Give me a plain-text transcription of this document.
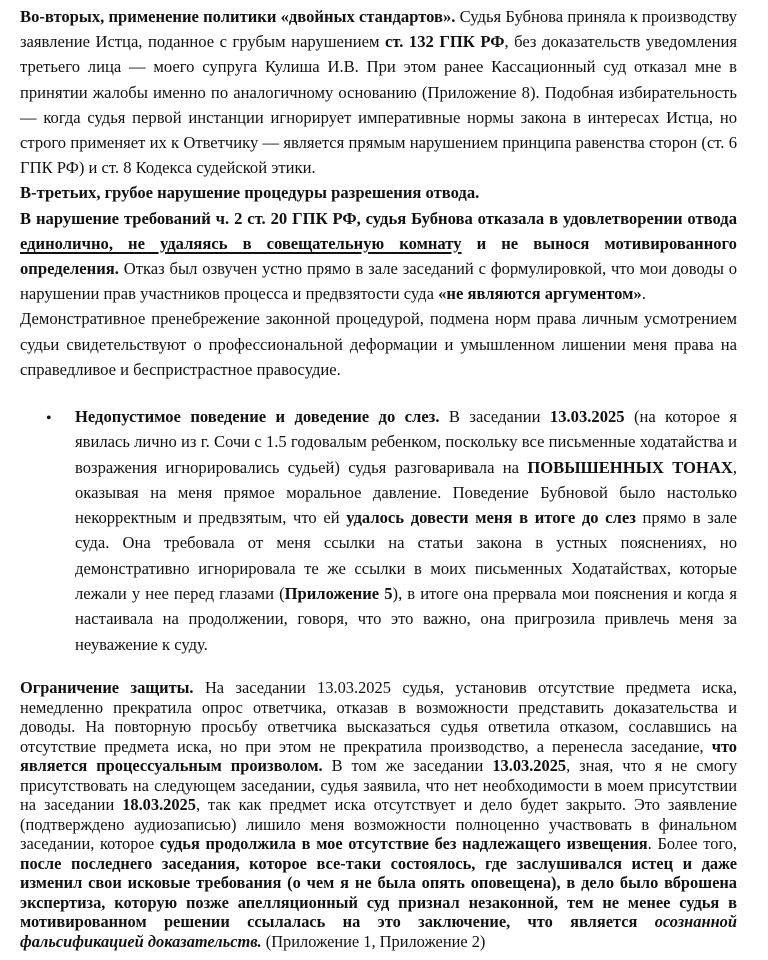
Во-вторых, применение политики «двойных стандартов». Судья Бубнова приняла к производству заявление Истца, поданное с грубым нарушением ст. 132 ГПК РФ, без доказательств уведомления третьего лица — моего супруга Кулиша И.В. При этом ранее Кассационный суд отказал мне в принятии жалобы именно по аналогичному основанию (Приложение 8). Подобная избирательность — когда судья первой инстанции игнорирует императивные нормы закона в интересах Истца, но строго применяет их к Ответчику — является прямым нарушением принципа равенства сторон (ст. 6 ГПК РФ) и ст. 8 Кодекса судейской этики.
В-третьих, грубое нарушение процедуры разрешения отвода.
В нарушение требований ч. 2 ст. 20 ГПК РФ, судья Бубнова отказала в удовлетворении отвода единолично, не удаляясь в совещательную комнату и не вынося мотивированного определения. Отказ был озвучен устно прямо в зале заседаний с формулировкой, что мои доводы о нарушении прав участников процесса и предвзятости суда «не являются аргументом».
Демонстративное пренебрежение законной процедурой, подмена норм права личным усмотрением судьи свидетельствуют о профессиональной деформации и умышленном лишении меня права на справедливое и беспристрастное правосудие.
• Недопустимое поведение и доведение до слез. В заседании 13.03.2025 (на которое я явилась лично из г. Сочи с 1.5 годовалым ребенком, поскольку все письменные ходатайства и возражения игнорировались судьей) судья разговаривала на ПОВЫШЕННЫХ ТОНАХ, оказывая на меня прямое моральное давление. Поведение Бубновой было настолько некорректным и предвзятым, что ей удалось довести меня в итоге до слез прямо в зале суда. Она требовала от меня ссылки на статьи закона в устных пояснениях, но демонстративно игнорировала те же ссылки в моих письменных Ходатайствах, которые лежали у нее перед глазами (Приложение 5), в итоге она прервала мои пояснения и когда я настаивала на продолжении, говоря, что это важно, она пригрозила привлечь меня за неуважение к суду.
Ограничение защиты. На заседании 13.03.2025 судья, установив отсутствие предмета иска, немедленно прекратила опрос ответчика, отказав в возможности представить доказательства и доводы. На повторную просьбу ответчика высказаться судья ответила отказом, сославшись на отсутствие предмета иска, но при этом не прекратила производство, а перенесла заседание, что является процессуальным произволом. В том же заседании 13.03.2025, зная, что я не смогу присутствовать на следующем заседании, судья заявила, что нет необходимости в моем присутствии на заседании 18.03.2025, так как предмет иска отсутствует и дело будет закрыто. Это заявление (подтверждено аудиозаписью) лишило меня возможности полноценно участвовать в финальном заседании, которое судья продолжила в мое отсутствие без надлежащего извещения. Более того, после последнего заседания, которое все-таки состоялось, где заслушивался истец и даже изменил свои исковые требования (о чем я не была опять оповещена), в дело было вброшена экспертиза, которую позже апелляционный суд признал незаконной, тем не менее судья в мотивированном решении ссылалась на это заключение, что является осознанной фальсификацией доказательств. (Приложение 1, Приложение 2)
